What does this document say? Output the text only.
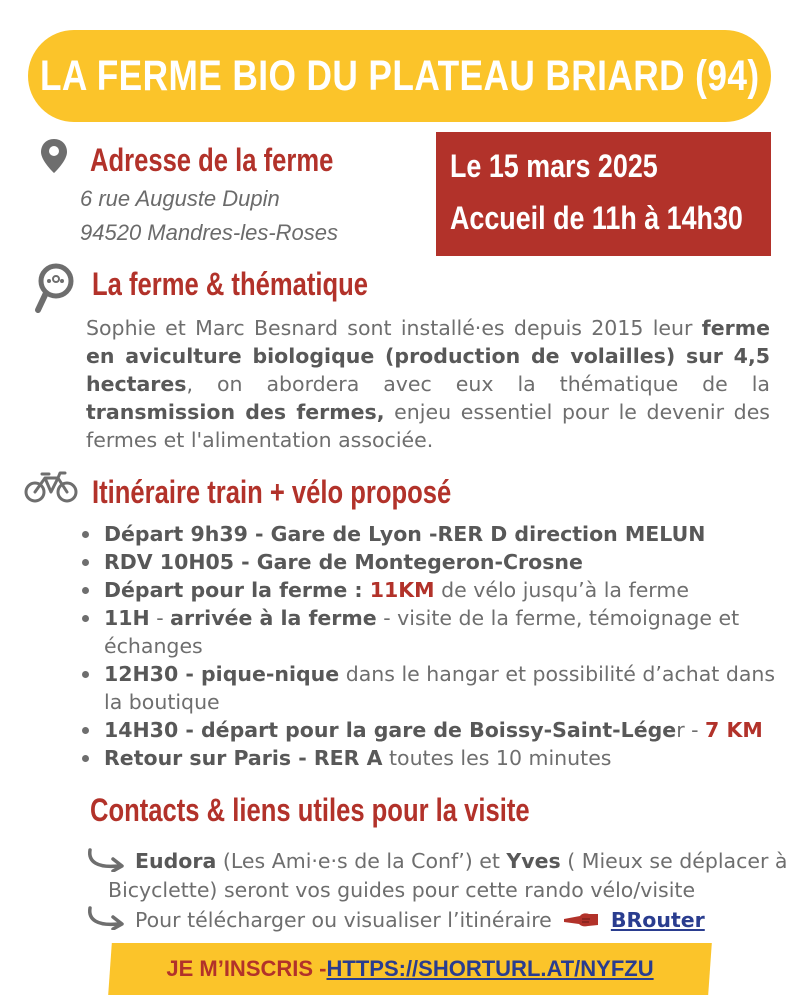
LA FERME BIO DU PLATEAU BRIARD (94)
Adresse de la ferme
6 rue Auguste Dupin
94520 Mandres-les-Roses
Le 15 mars 2025
Accueil de 11h à 14h30
La ferme & thématique
Sophie et Marc Besnard sont installé·es depuis 2015 leur ferme en aviculture biologique (production de volailles) sur 4,5 hectares, on abordera avec eux la thématique de la transmission des fermes, enjeu essentiel pour le devenir des fermes et l'alimentation associée.
Itinéraire train + vélo proposé
Départ 9h39 - Gare de Lyon -RER D direction MELUN
RDV 10H05 - Gare de Montegeron-Crosne
Départ pour la ferme : 11KM de vélo jusqu’à la ferme
11H - arrivée à la ferme - visite de la ferme, témoignage et échanges
12H30 - pique-nique dans le hangar et possibilité d’achat dans la boutique
14H30 - départ pour la gare de Boissy-Saint-Léger - 7 KM
Retour sur Paris - RER A toutes les 10 minutes
Contacts & liens utiles pour la visite
Eudora (Les Ami·e·s de la Conf’) et Yves ( Mieux se déplacer à
Bicyclette) seront vos guides pour cette rando vélo/visite
Pour télécharger ou visualiser l’itinéraire	BRouter
JE M’INSCRIS - HTTPS://SHORTURL.AT/NYFZU
